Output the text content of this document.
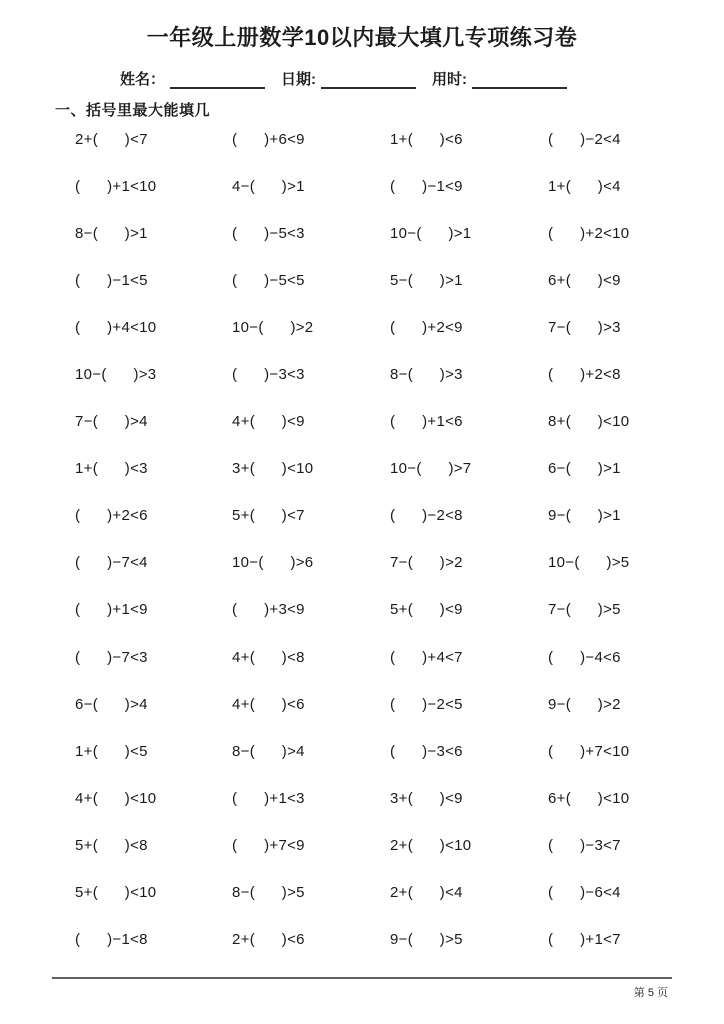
一年级上册数学10以内最大填几专项练习卷
姓名：	日期:	用时:
一、括号里最大能填几
2+(      )<7	(      )+6<9	1+(      )<6	(      )−2<4
(      )+1<10	4−(      )>1	(      )−1<9	1+(      )<4
8−(      )>1	(      )−5<3	10−(      )>1	(      )+2<10
(      )−1<5	(      )−5<5	5−(      )>1	6+(      )<9
(      )+4<10	10−(      )>2	(      )+2<9	7−(      )>3
10−(      )>3	(      )−3<3	8−(      )>3	(      )+2<8
7−(      )>4	4+(      )<9	(      )+1<6	8+(      )<10
1+(      )<3	3+(      )<10	10−(      )>7	6−(      )>1
(      )+2<6	5+(      )<7	(      )−2<8	9−(      )>1
(      )−7<4	10−(      )>6	7−(      )>2	10−(      )>5
(      )+1<9	(      )+3<9	5+(      )<9	7−(      )>5
(      )−7<3	4+(      )<8	(      )+4<7	(      )−4<6
6−(      )>4	4+(      )<6	(      )−2<5	9−(      )>2
1+(      )<5	8−(      )>4	(      )−3<6	(      )+7<10
4+(      )<10	(      )+1<3	3+(      )<9	6+(      )<10
5+(      )<8	(      )+7<9	2+(      )<10	(      )−3<7
5+(      )<10	8−(      )>5	2+(      )<4	(      )−6<4
(      )−1<8	2+(      )<6	9−(      )>5	(      )+1<7
第 5 页
